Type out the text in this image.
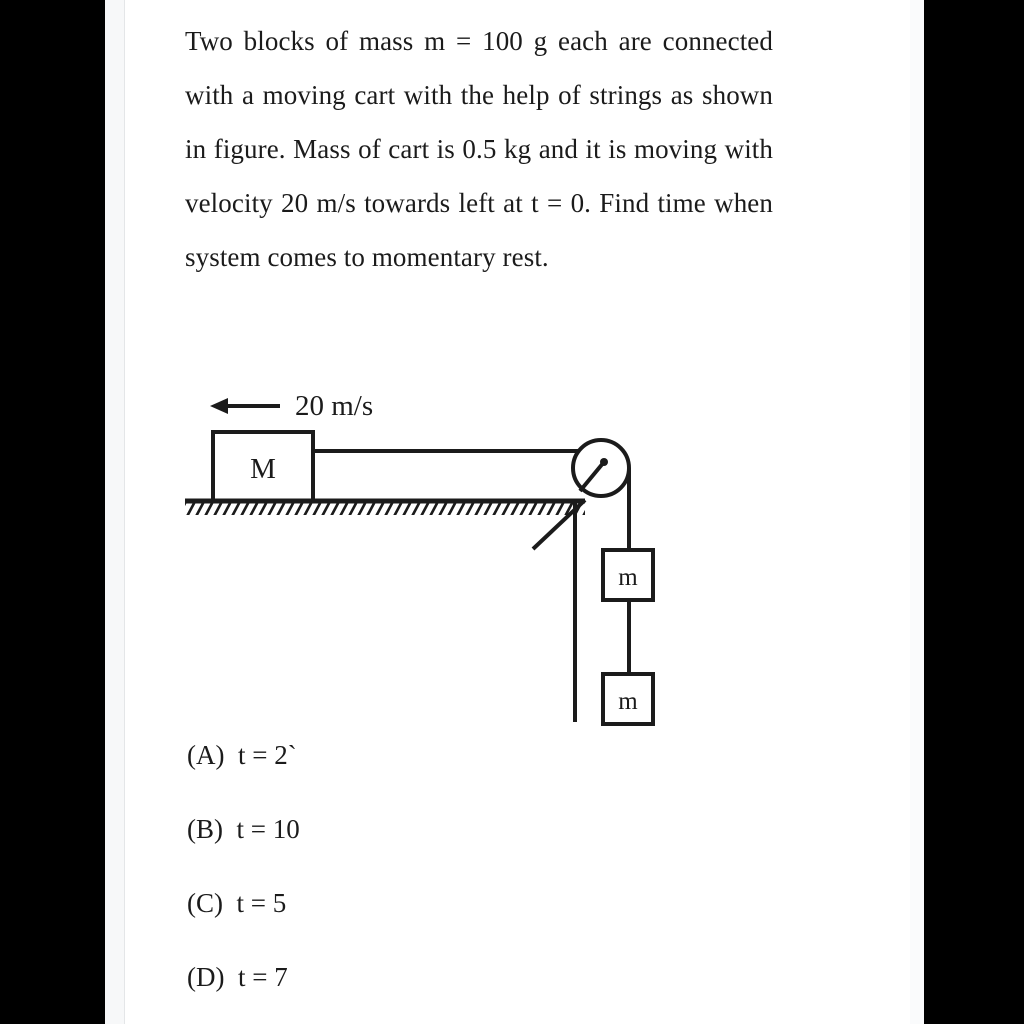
Two blocks of mass m = 100 g each are connected with a moving cart with the help of strings as shown in figure. Mass of cart is 0.5 kg and it is moving with velocity 20 m/s towards left at t = 0. Find time when system comes to momentary rest.

20 m/s
M
m
m
(A)  t = 2`
(B)  t = 10
(C)  t = 5
(D)  t = 7
